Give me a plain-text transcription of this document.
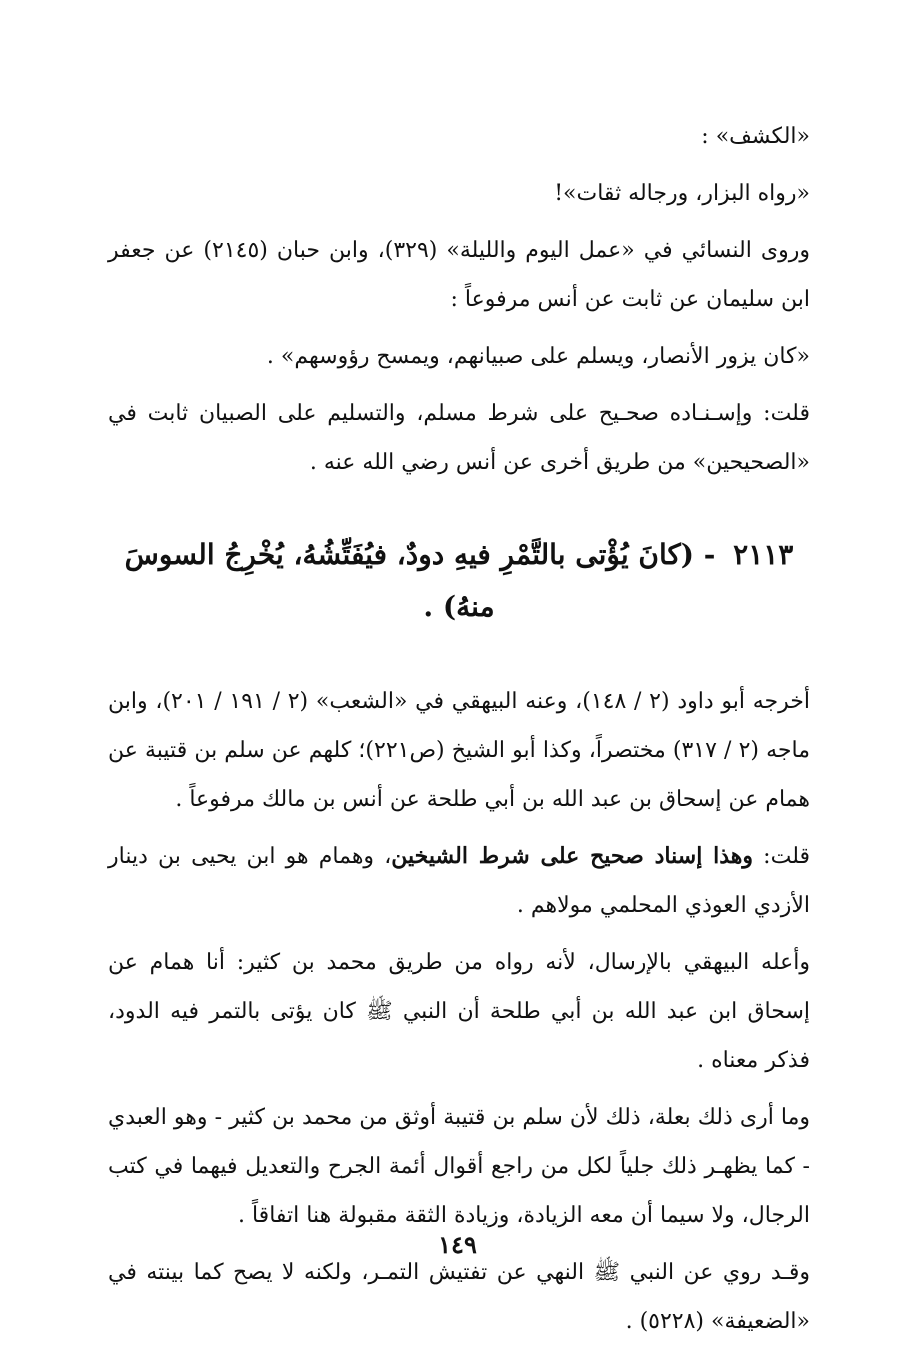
«الكشف» :

«رواه البزار، ورجاله ثقات»!

وروى النسائي في «عمل اليوم والليلة» (٣٢٩)، وابن حبان (٢١٤٥) عن جعفر ابن سليمان عن ثابت عن أنس مرفوعاً :

«كان يزور الأنصار، ويسلم على صبيانهم، ويمسح رؤوسهم» .

قلت: وإسـنـاده صحـيح على شرط مسلم، والتسليم على الصبيان ثابت في «الصحيحين» من طريق أخرى عن أنس رضي الله عنه .

٢١١٣ - (كانَ يُؤْتى بالتَّمْرِ فيهِ دودٌ، فيُفَتِّشُهُ، يُخْرِجُ السوسَ منهُ) .

أخرجه أبو داود (٢ / ١٤٨)، وعنه البيهقي في «الشعب» (٢ / ١٩١ / ٢٠١)، وابن ماجه (٢ / ٣١٧) مختصراً، وكذا أبو الشيخ (ص٢٢١)؛ كلهم عن سلم بن قتيبة عن همام عن إسحاق بن عبد الله بن أبي طلحة عن أنس بن مالك مرفوعاً .

قلت: وهذا إسناد صحيح على شرط الشيخين، وهمام هو ابن يحيى بن دينار الأزدي العوذي المحلمي مولاهم .

وأعله البيهقي بالإرسال، لأنه رواه من طريق محمد بن كثير: أنا همام عن إسحاق ابن عبد الله بن أبي طلحة أن النبي ﷺ كان يؤتى بالتمر فيه الدود، فذكر معناه .

وما أرى ذلك بعلة، ذلك لأن سلم بن قتيبة أوثق من محمد بن كثير - وهو العبدي - كما يظهـر ذلك جلياً لكل من راجع أقوال أئمة الجرح والتعديل فيهما في كتب الرجال، ولا سيما أن معه الزيادة، وزيادة الثقة مقبولة هنا اتفاقاً .

وقـد روي عن النبي ﷺ النهي عن تفتيش التمـر، ولكنه لا يصح كما بينته في «الضعيفة» (٥٢٢٨) .

١٤٩
